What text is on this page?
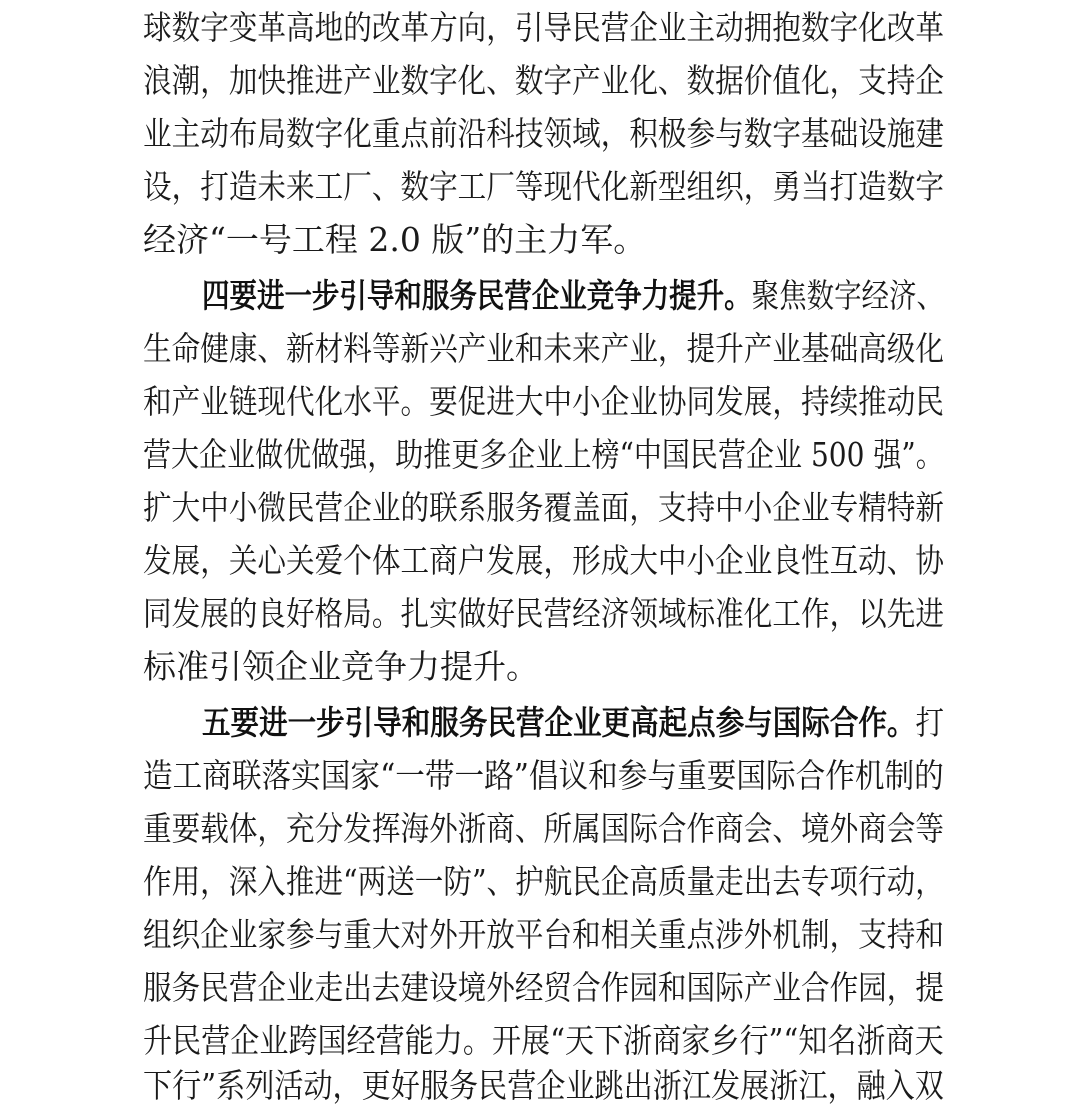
球数字变革高地的改革方向，引导民营企业主动拥抱数字化改革
浪潮，加快推进产业数字化、数字产业化、数据价值化，支持企
业主动布局数字化重点前沿科技领域，积极参与数字基础设施建
设，打造未来工厂、数字工厂等现代化新型组织，勇当打造数字
经济“一号工程 2.0 版”的主力军。
四要进一步引导和服务民营企业竞争力提升。聚焦数字经济、
生命健康、新材料等新兴产业和未来产业，提升产业基础高级化
和产业链现代化水平。要促进大中小企业协同发展，持续推动民
营大企业做优做强，助推更多企业上榜“中国民营企业 500 强”。
扩大中小微民营企业的联系服务覆盖面，支持中小企业专精特新
发展，关心关爱个体工商户发展，形成大中小企业良性互动、协
同发展的良好格局。扎实做好民营经济领域标准化工作，以先进
标准引领企业竞争力提升。
五要进一步引导和服务民营企业更高起点参与国际合作。打
造工商联落实国家“一带一路”倡议和参与重要国际合作机制的
重要载体，充分发挥海外浙商、所属国际合作商会、境外商会等
作用，深入推进“两送一防”、护航民企高质量走出去专项行动，
组织企业家参与重大对外开放平台和相关重点涉外机制，支持和
服务民营企业走出去建设境外经贸合作园和国际产业合作园，提
升民营企业跨国经营能力。开展“天下浙商家乡行”“知名浙商天
下行”系列活动，更好服务民营企业跳出浙江发展浙江，融入双
